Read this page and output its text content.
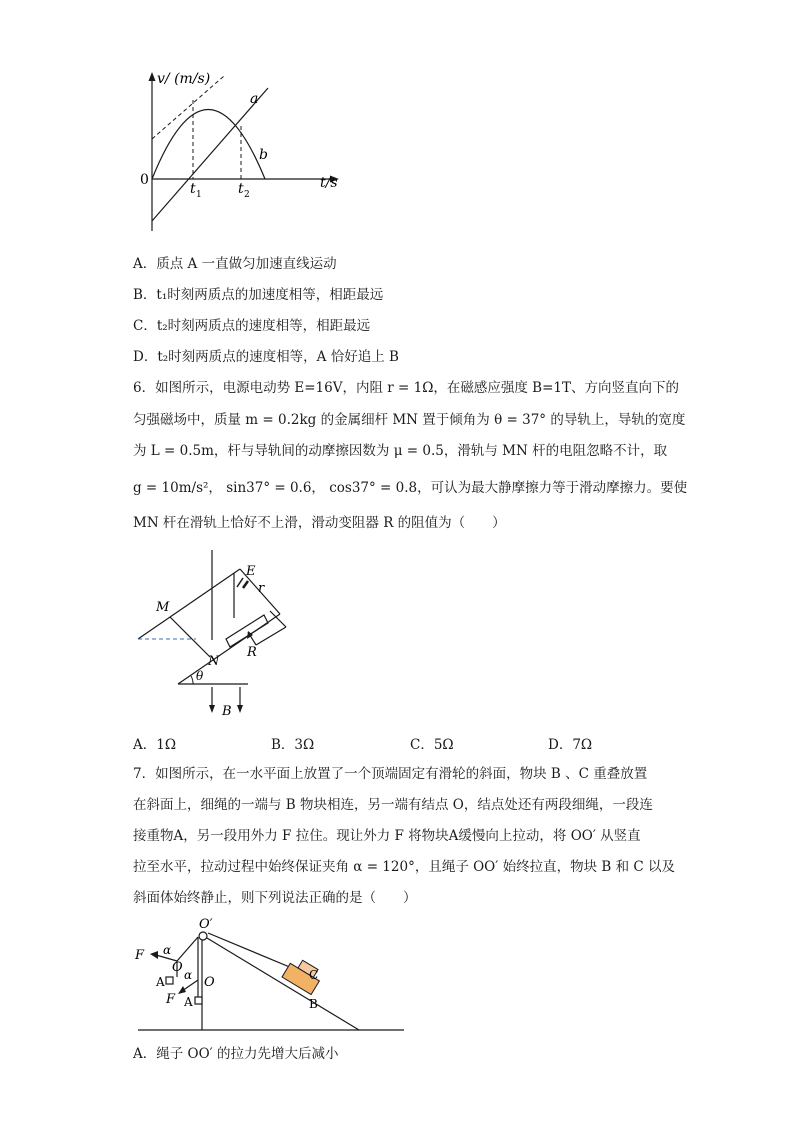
v/ (m/s)
0	t/s
t 1	t 2
a
b
A．质点 A 一直做匀加速直线运动
B．t₁时刻两质点的加速度相等，相距最远
C．t₂时刻两质点的速度相等，相距最远
D．t₂时刻两质点的速度相等，A 恰好追上 B
6．如图所示，电源电动势 E=16V，内阻 r = 1Ω，在磁感应强度 B=1T、方向竖直向下的
匀强磁场中，质量 m = 0.2kg 的金属细杆 MN 置于倾角为 θ = 37° 的导轨上，导轨的宽度
为 L = 0.5m，杆与导轨间的动摩擦因数为 μ = 0.5，滑轨与 MN 杆的电阻忽略不计，取
g = 10m/s²， sin37° = 0.6， cos37° = 0.8，可认为最大静摩擦力等于滑动摩擦力。要使
MN 杆在滑轨上恰好不上滑，滑动变阻器 R 的阻值为（　　）
E
r
M
N
R
θ
B
A．1Ω	B．3Ω	C．5Ω	D．7Ω
7．如图所示，在一水平面上放置了一个顶端固定有滑轮的斜面，物块 B 、C 重叠放置
在斜面上，细绳的一端与 B 物块相连，另一端有结点 O，结点处还有两段细绳，一段连
接重物A，另一段用外力 F 拉住。现让外力 F 将物块A缓慢向上拉动，将 OO′ 从竖直
拉至水平，拉动过程中始终保证夹角 α = 120°，且绳子 OO′ 始终拉直，物块 B 和 C 以及
斜面体始终静止，则下列说法正确的是（　　）
O′
F α
O
A α O
F A
C
B
A．绳子 OO′ 的拉力先增大后减小
